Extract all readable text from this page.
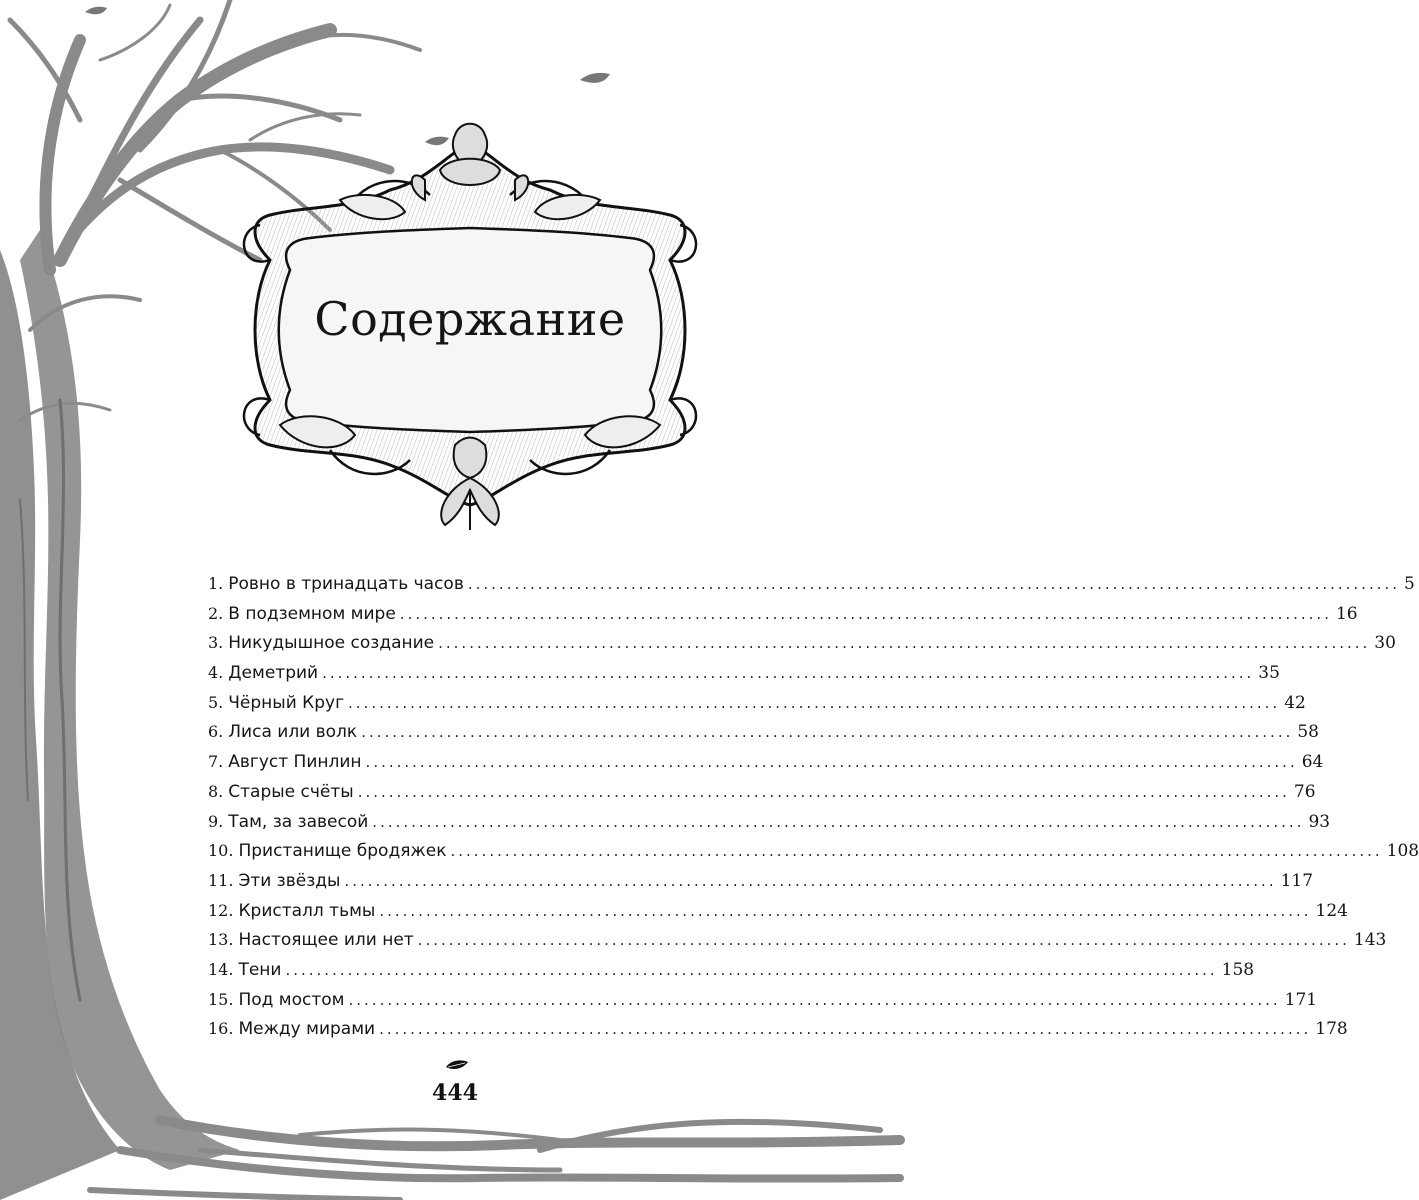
Содержание
1. Ровно в тринадцать часов ........................................................................................................................ 5
2. В подземном мире ........................................................................................................................ 16
3. Никудышное создание ........................................................................................................................ 30
4. Деметрий ........................................................................................................................ 35
5. Чёрный Круг ........................................................................................................................ 42
6. Лиса или волк ........................................................................................................................ 58
7. Август Пинлин ........................................................................................................................ 64
8. Старые счёты ........................................................................................................................ 76
9. Там, за завесой ........................................................................................................................ 93
10. Пристанище бродяжек ........................................................................................................................ 108
11. Эти звёзды ........................................................................................................................ 117
12. Кристалл тьмы ........................................................................................................................ 124
13. Настоящее или нет ........................................................................................................................ 143
14. Тени ........................................................................................................................ 158
15. Под мостом ........................................................................................................................ 171
16. Между мирами ........................................................................................................................ 178
444
